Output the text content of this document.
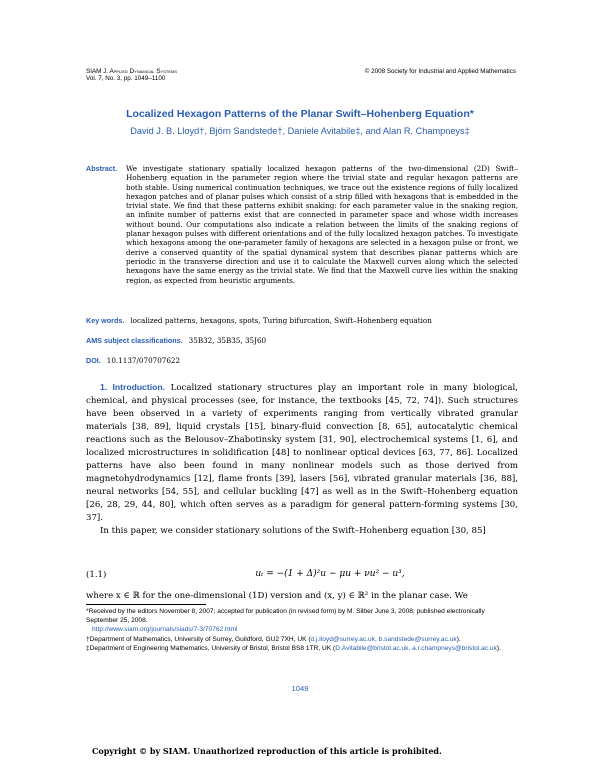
SIAM J. Applied Dynamical Systems
Vol. 7, No. 3, pp. 1049–1100
© 2008 Society for Industrial and Applied Mathematics
Localized Hexagon Patterns of the Planar Swift–Hohenberg Equation*
David J. B. Lloyd†, Björn Sandstede†, Daniele Avitabile‡, and Alan R. Champneys‡
Abstract. We investigate stationary spatially localized hexagon patterns of the two-dimensional (2D) Swift–Hohenberg equation in the parameter region where the trivial state and regular hexagon patterns are both stable. Using numerical continuation techniques, we trace out the existence regions of fully localized hexagon patches and of planar pulses which consist of a strip filled with hexagons that is embedded in the trivial state. We find that these patterns exhibit snaking: for each parameter value in the snaking region, an infinite number of patterns exist that are connected in parameter space and whose width increases without bound. Our computations also indicate a relation between the limits of the snaking regions of planar hexagon pulses with different orientations and of the fully localized hexagon patches. To investigate which hexagons among the one-parameter family of hexagons are selected in a hexagon pulse or front, we derive a conserved quantity of the spatial dynamical system that describes planar patterns which are periodic in the transverse direction and use it to calculate the Maxwell curves along which the selected hexagons have the same energy as the trivial state. We find that the Maxwell curve lies within the snaking region, as expected from heuristic arguments.
Key words. localized patterns, hexagons, spots, Turing bifurcation, Swift–Hohenberg equation
AMS subject classifications. 35B32, 35B35, 35J60
DOI. 10.1137/070707622

1. Introduction. Localized stationary structures play an important role in many biological, chemical, and physical processes (see, for instance, the textbooks [45, 72, 74]). Such structures have been observed in a variety of experiments ranging from vertically vibrated granular materials [38, 89], liquid crystals [15], binary-fluid convection [8, 65], autocatalytic chemical reactions such as the Belousov–Zhabotinsky system [31, 90], electrochemical systems [1, 6], and localized microstructures in solidification [48] to nonlinear optical devices [63, 77, 86]. Localized patterns have also been found in many nonlinear models such as those derived from magnetohydrodynamics [12], flame fronts [39], lasers [56], vibrated granular materials [36, 88], neural networks [54, 55], and cellular buckling [47] as well as in the Swift–Hohenberg equation [26, 28, 29, 44, 80], which often serves as a paradigm for general pattern-forming systems [30, 37].

In this paper, we consider stationary solutions of the Swift–Hohenberg equation [30, 85]

(1.1)	uₜ = −(1 + Δ)²u − μu + νu² − u³,
where x ∈ ℝ for the one-dimensional (1D) version and (x, y) ∈ ℝ² in the planar case. We

*Received by the editors November 8, 2007; accepted for publication (in revised form) by M. Silber June 3, 2008; published electronically September 25, 2008.

http://www.siam.org/journals/siads/7-3/70762.html

†Department of Mathematics, University of Surrey, Guildford, GU2 7XH, UK (d.j.lloyd@surrey.ac.uk, b.sandstede@surrey.ac.uk).

‡Department of Engineering Mathematics, University of Bristol, Bristol BS8 1TR, UK (D.Avitabile@bristol.ac.uk, a.r.champneys@bristol.ac.uk).

1049
Copyright © by SIAM. Unauthorized reproduction of this article is prohibited.
